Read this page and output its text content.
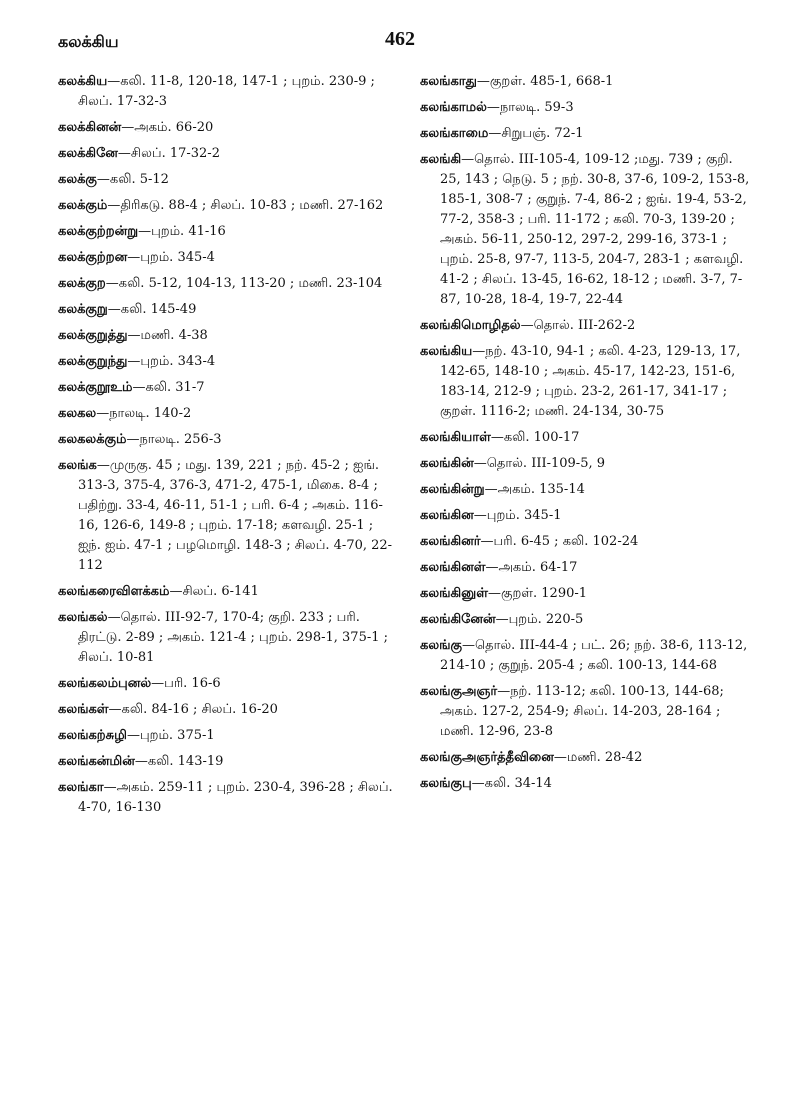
கலக்கிய	462
கலக்கிய—கலி. 11-8, 120-18, 147-1 ; புறம். 230-9 ; சிலப். 17-32-3
கலக்கினன்—அகம். 66-20
கலக்கினே—சிலப். 17-32-2
கலக்கு—கலி. 5-12
கலக்கும்—திரிகடு. 88-4 ; சிலப். 10-83 ; மணி. 27-162
கலக்குற்றன்று—புறம். 41-16
கலக்குற்றன—புறம். 345-4
கலக்குற—கலி. 5-12, 104-13, 113-20 ; மணி. 23-104
கலக்குறு—கலி. 145-49
கலக்குறுத்து—மணி. 4-38
கலக்குறுந்து—புறம். 343-4
கலக்குறூஉம்—கலி. 31-7
கலகல—நாலடி. 140-2
கலகலக்கும்—நாலடி. 256-3
கலங்க—முருகு. 45 ; மது. 139, 221 ; நற். 45-2 ; ஐங். 313-3, 375-4, 376-3, 471-2, 475-1, மிகை. 8-4 ; பதிற்று. 33-4, 46-11, 51-1 ; பரி. 6-4 ; அகம். 116-16, 126-6, 149-8 ; புறம். 17-18; களவழி. 25-1 ; ஐந். ஐம். 47-1 ; பழமொழி. 148-3 ; சிலப். 4-70, 22-112
கலங்கரைவிளக்கம்—சிலப். 6-141
கலங்கல்—தொல். III-92-7, 170-4; குறி. 233 ; பரி. திரட்டு. 2-89 ; அகம். 121-4 ; புறம். 298-1, 375-1 ; சிலப். 10-81
கலங்கலம்புனல்—பரி. 16-6
கலங்கள்—கலி. 84-16 ; சிலப். 16-20
கலங்கற்சுழி—புறம். 375-1
கலங்கன்மின்—கலி. 143-19
கலங்கா—அகம். 259-11 ; புறம். 230-4, 396-28 ; சிலப். 4-70, 16-130
கலங்காது—குறள். 485-1, 668-1
கலங்காமல்—நாலடி. 59-3
கலங்காமை—சிறுபஞ். 72-1
கலங்கி—தொல். III-105-4, 109-12 ;மது. 739 ; குறி. 25, 143 ; நெடு. 5 ; நற். 30-8, 37-6, 109-2, 153-8, 185-1, 308-7 ; குறுந். 7-4, 86-2 ; ஐங். 19-4, 53-2, 77-2, 358-3 ; பரி. 11-172 ; கலி. 70-3, 139-20 ; அகம். 56-11, 250-12, 297-2, 299-16, 373-1 ; புறம். 25-8, 97-7, 113-5, 204-7, 283-1 ; களவழி. 41-2 ; சிலப். 13-45, 16-62, 18-12 ; மணி. 3-7, 7-87, 10-28, 18-4, 19-7, 22-44
கலங்கிமொழிதல்—தொல். III-262-2
கலங்கிய—நற். 43-10, 94-1 ; கலி. 4-23, 129-13, 17, 142-65, 148-10 ; அகம். 45-17, 142-23, 151-6, 183-14, 212-9 ; புறம். 23-2, 261-17, 341-17 ; குறள். 1116-2; மணி. 24-134, 30-75
கலங்கியாள்—கலி. 100-17
கலங்கின்—தொல். III-109-5, 9
கலங்கின்று—அகம். 135-14
கலங்கின—புறம். 345-1
கலங்கினர்—பரி. 6-45 ; கலி. 102-24
கலங்கினள்—அகம். 64-17
கலங்கினுள்—குறள். 1290-1
கலங்கினேன்—புறம். 220-5
கலங்கு—தொல். III-44-4 ; பட். 26; நற். 38-6, 113-12, 214-10 ; குறுந். 205-4 ; கலி. 100-13, 144-68
கலங்குஅஞர்—நற். 113-12; கலி. 100-13, 144-68; அகம். 127-2, 254-9; சிலப். 14-203, 28-164 ; மணி. 12-96, 23-8
கலங்குஅஞர்த்தீவினை—மணி. 28-42
கலங்குபு—கலி. 34-14
